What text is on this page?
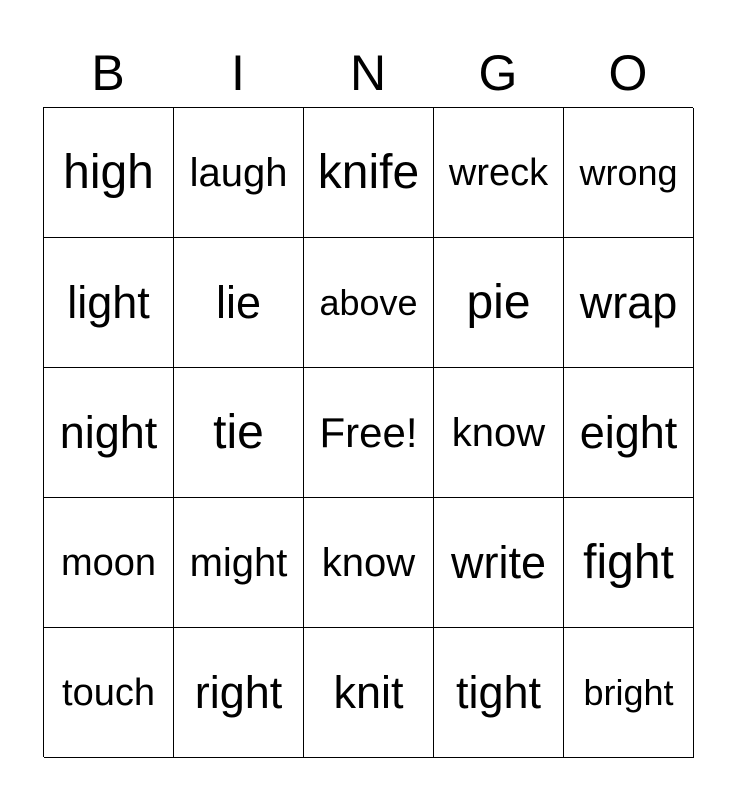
B	I	N	G	O
high laugh knife wreck wrong
light lie above pie wrap
night tie Free! know eight
moon might know write fight
touch right knit tight bright
